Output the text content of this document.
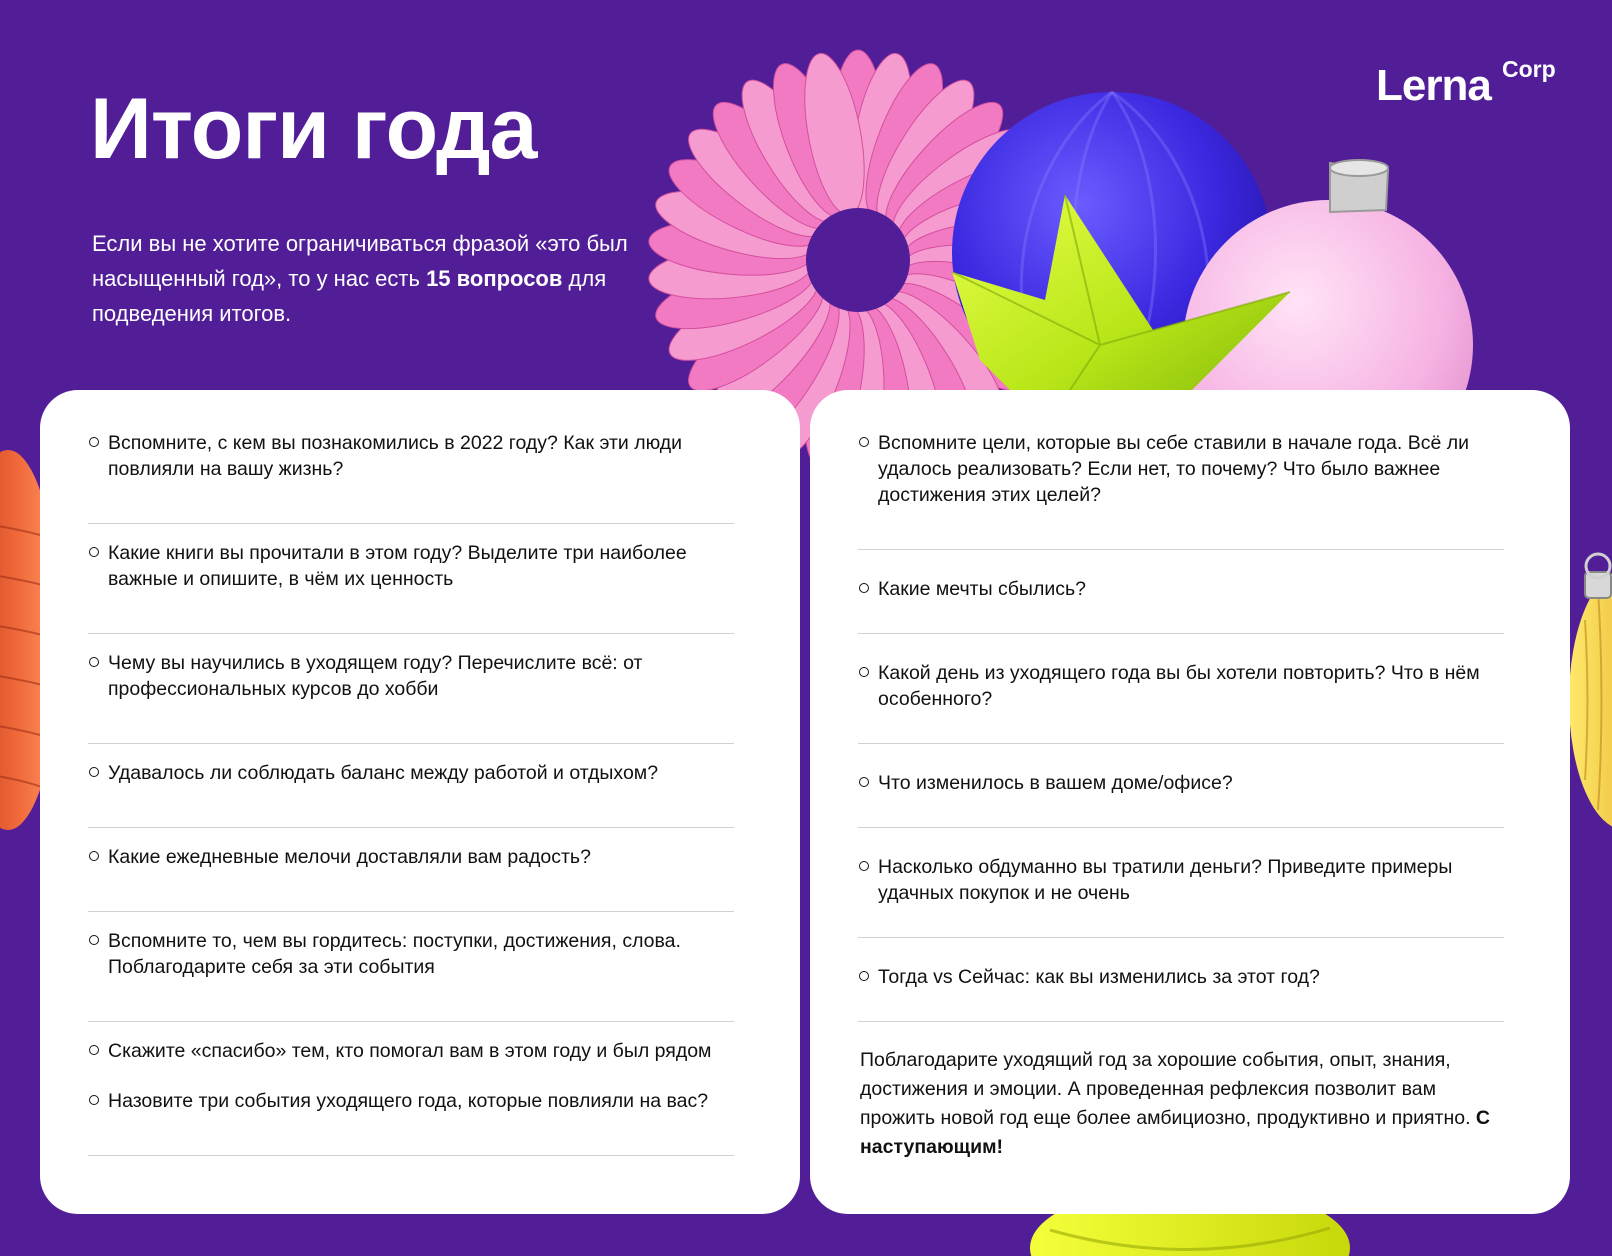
Итоги года

Если вы не хотите ограничиваться фразой «это был насыщенный год», то у нас есть 15 вопросов для подведения итогов.

Lerna Corp
Вспомните, с кем вы познакомились в 2022 году? Как эти люди повлияли на вашу жизнь?
Какие книги вы прочитали в этом году? Выделите три наиболее важные и опишите, в чём их ценность
Чему вы научились в уходящем году? Перечислите всё: от профессиональных курсов до хобби
Удавалось ли соблюдать баланс между работой и отдыхом?
Какие ежедневные мелочи доставляли вам радость?
Вспомните то, чем вы гордитесь: поступки, достижения, слова. Поблагодарите себя за эти события
Скажите «спасибо» тем, кто помогал вам в этом году и был рядом
Назовите три события уходящего года, которые повлияли на вас?
Вспомните цели, которые вы себе ставили в начале года. Всё ли удалось реализовать? Если нет, то почему? Что было важнее достижения этих целей?
Какие мечты сбылись?
Какой день из уходящего года вы бы хотели повторить? Что в нём особенного?
Что изменилось в вашем доме/офисе?
Насколько обдуманно вы тратили деньги? Приведите примеры удачных покупок и не очень
Тогда vs Сейчас: как вы изменились за этот год?

Поблагодарите уходящий год за хорошие события, опыт, знания, достижения и эмоции. А проведенная рефлексия позволит вам прожить новой год еще более амбициозно, продуктивно и приятно. С наступающим!
